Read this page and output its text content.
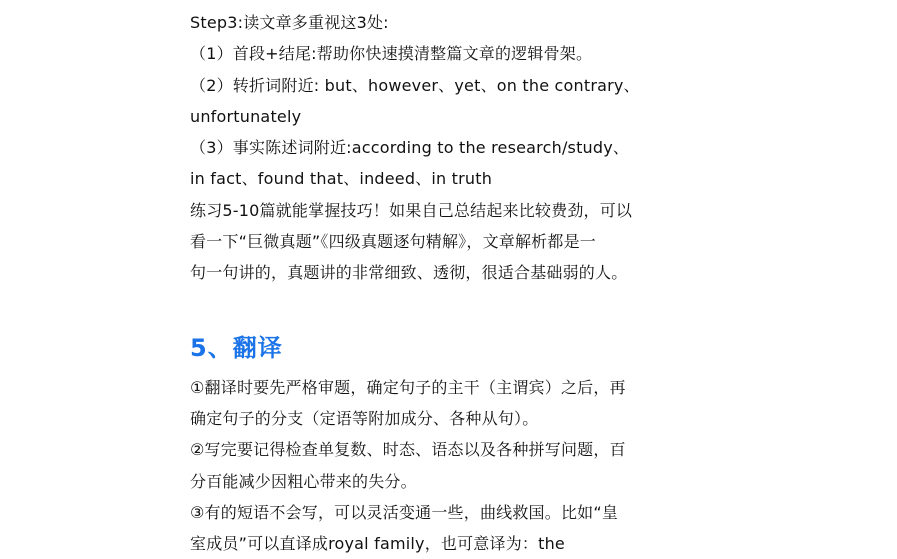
Step3:读文章多重视这3处:
（1）首段+结尾:帮助你快速摸清整篇文章的逻辑骨架。
（2）转折词附近: but、however、yet、on the contrary、
unfortunately
（3）事实陈述词附近:according to the research/study、
in fact、found that、indeed、in truth
练习5-10篇就能掌握技巧！如果自己总结起来比较费劲，可以
看一下“巨微真题”《四级真题逐句精解》，文章解析都是一
句一句讲的，真题讲的非常细致、透彻，很适合基础弱的人。
5、翻译
①翻译时要先严格审题，确定句子的主干（主谓宾）之后，再
确定句子的分支（定语等附加成分、各种从句）。
②写完要记得检查单复数、时态、语态以及各种拼写问题，百
分百能减少因粗心带来的失分。
③有的短语不会写，可以灵活变通一些，曲线救国。比如“皇
室成员”可以直译成royal family，也可意译为：the
